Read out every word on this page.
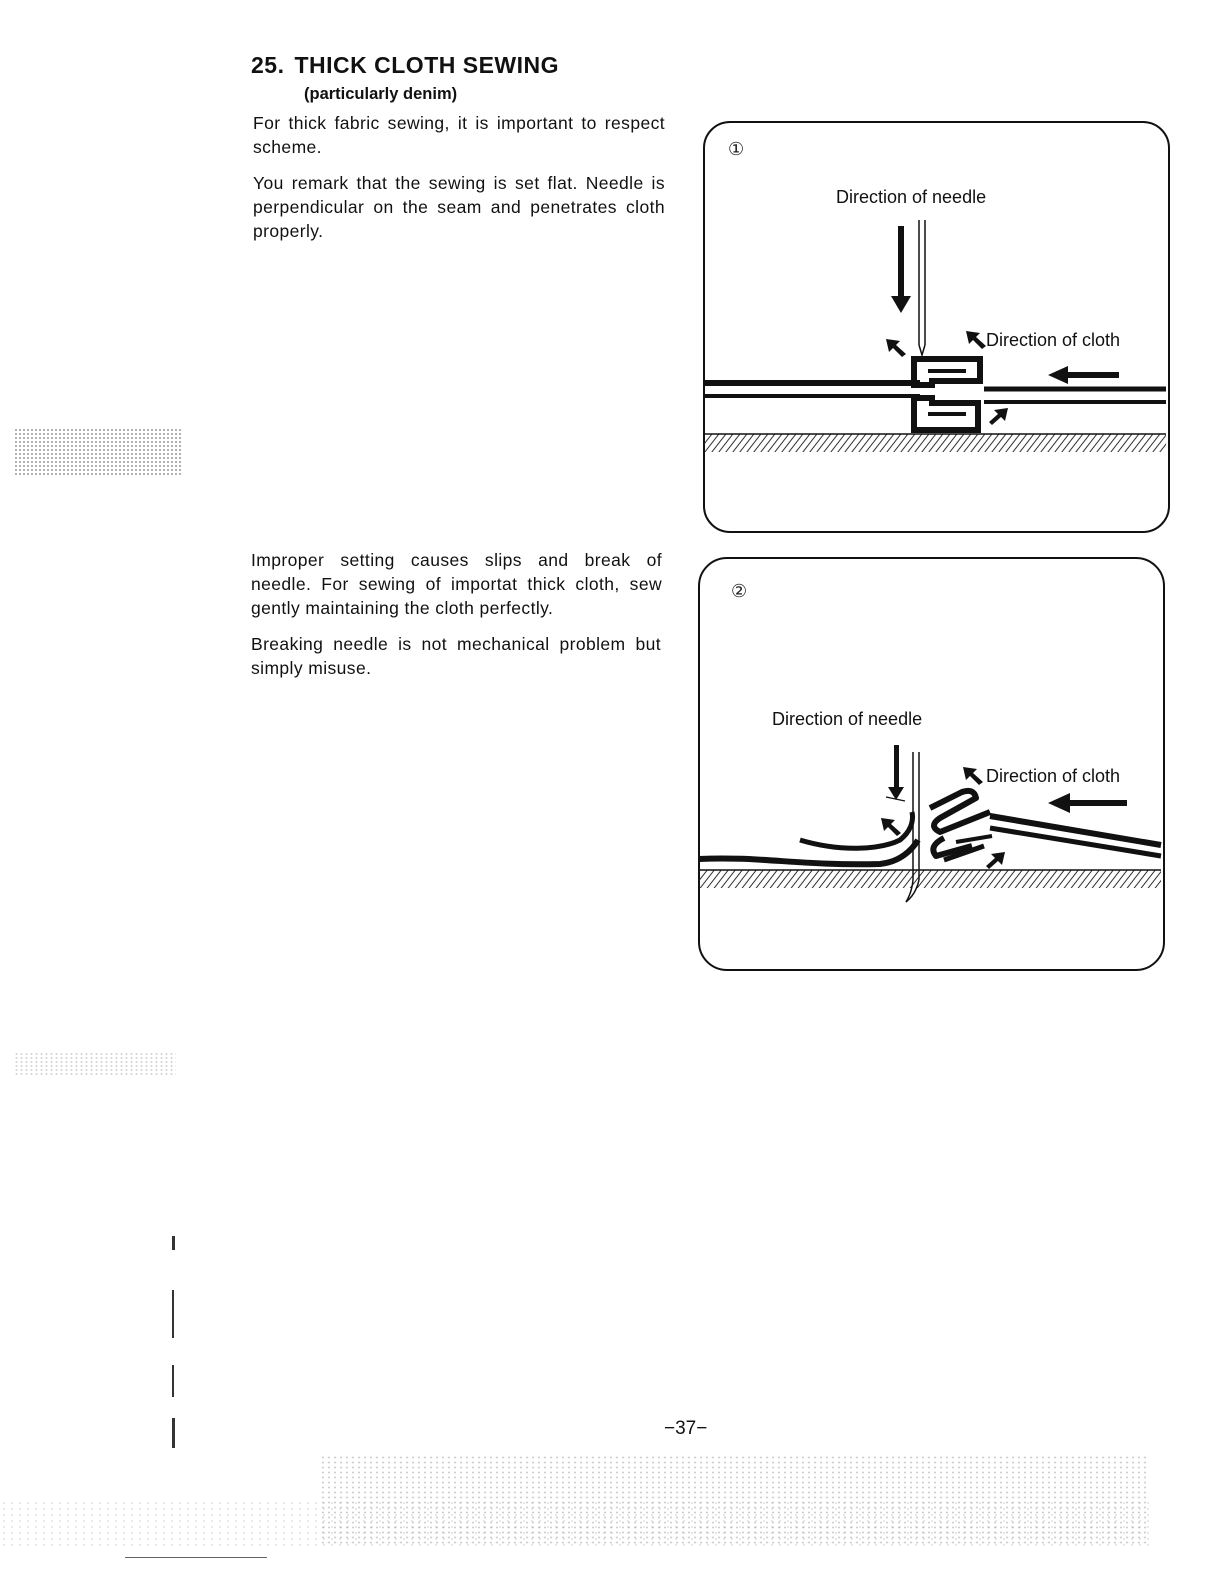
25. THICK CLOTH SEWING
(particularly denim)
For thick fabric sewing, it is important to respect scheme.
You remark that the sewing is set flat. Needle is perpendicular on the seam and penetrates cloth properly.
Improper setting causes slips and break of needle. For sewing of importat thick cloth, sew gently maintaining the cloth perfectly.
Breaking needle is not mechanical problem but simply misuse.
①
Direction of needle
Direction of cloth
②
Direction of needle
Direction of cloth
−37−
